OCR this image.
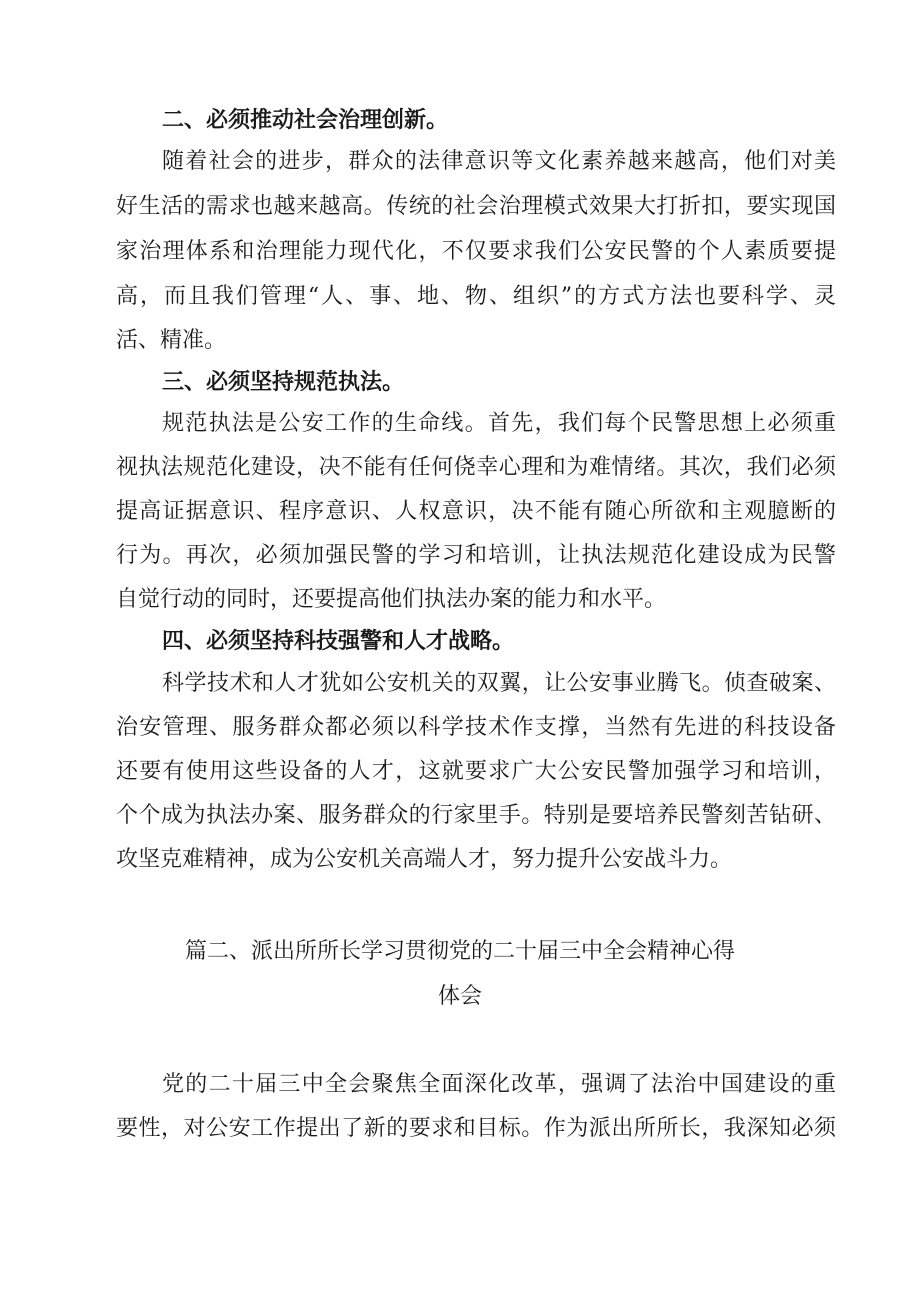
二、必须推动社会治理创新。
随着社会的进步，群众的法律意识等文化素养越来越高，他们对美
好生活的需求也越来越高。传统的社会治理模式效果大打折扣，要实现国
家治理体系和治理能力现代化，不仅要求我们公安民警的个人素质要提
高，而且我们管理“人、事、地、物、组织”的方式方法也要科学、灵
活、精准。
三、必须坚持规范执法。
规范执法是公安工作的生命线。首先，我们每个民警思想上必须重
视执法规范化建设，决不能有任何侥幸心理和为难情绪。其次，我们必须
提高证据意识、程序意识、人权意识，决不能有随心所欲和主观臆断的
行为。再次，必须加强民警的学习和培训，让执法规范化建设成为民警
自觉行动的同时，还要提高他们执法办案的能力和水平。
四、必须坚持科技强警和人才战略。
科学技术和人才犹如公安机关的双翼，让公安事业腾飞。侦查破案、
治安管理、服务群众都必须以科学技术作支撑，当然有先进的科技设备
还要有使用这些设备的人才，这就要求广大公安民警加强学习和培训，
个个成为执法办案、服务群众的行家里手。特别是要培养民警刻苦钻研、
攻坚克难精神，成为公安机关高端人才，努力提升公安战斗力。
篇二、派出所所长学习贯彻党的二十届三中全会精神心得
体会
党的二十届三中全会聚焦全面深化改革，强调了法治中国建设的重
要性，对公安工作提出了新的要求和目标。作为派出所所长，我深知必须
